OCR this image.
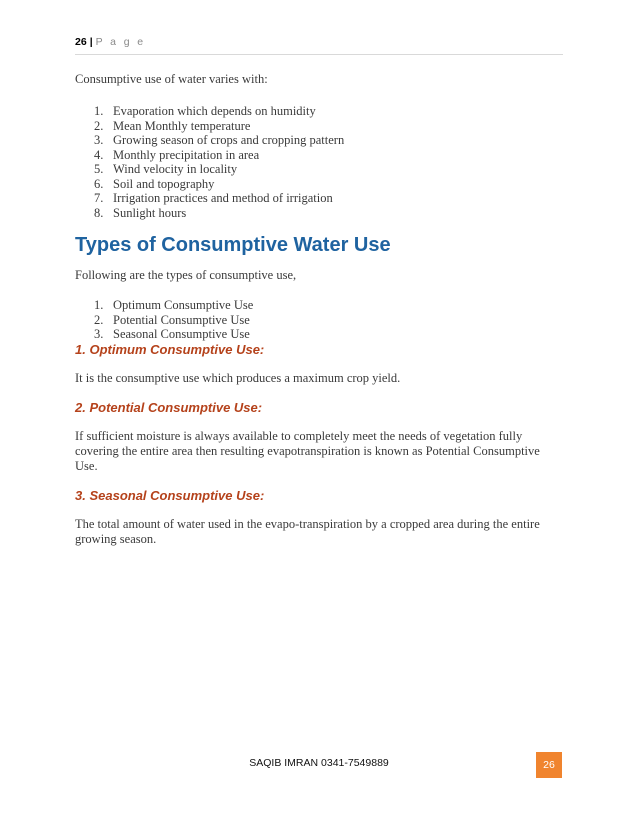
26 | P a g e

Consumptive use of water varies with:

1. Evaporation which depends on humidity
2. Mean Monthly temperature
3. Growing season of crops and cropping pattern
4. Monthly precipitation in area
5. Wind velocity in locality
6. Soil and topography
7. Irrigation practices and method of irrigation
8. Sunlight hours
Types of Consumptive Water Use

Following are the types of consumptive use,

1. Optimum Consumptive Use
2. Potential Consumptive Use
3. Seasonal Consumptive Use
1. Optimum Consumptive Use:

It is the consumptive use which produces a maximum crop yield.

2. Potential Consumptive Use:

If sufficient moisture is always available to completely meet the needs of vegetation fully covering the entire area then resulting evapotranspiration is known as Potential Consumptive Use.

3. Seasonal Consumptive Use:

The total amount of water used in the evapo-transpiration by a cropped area during the entire growing season.

SAQIB IMRAN 0341-7549889	26
